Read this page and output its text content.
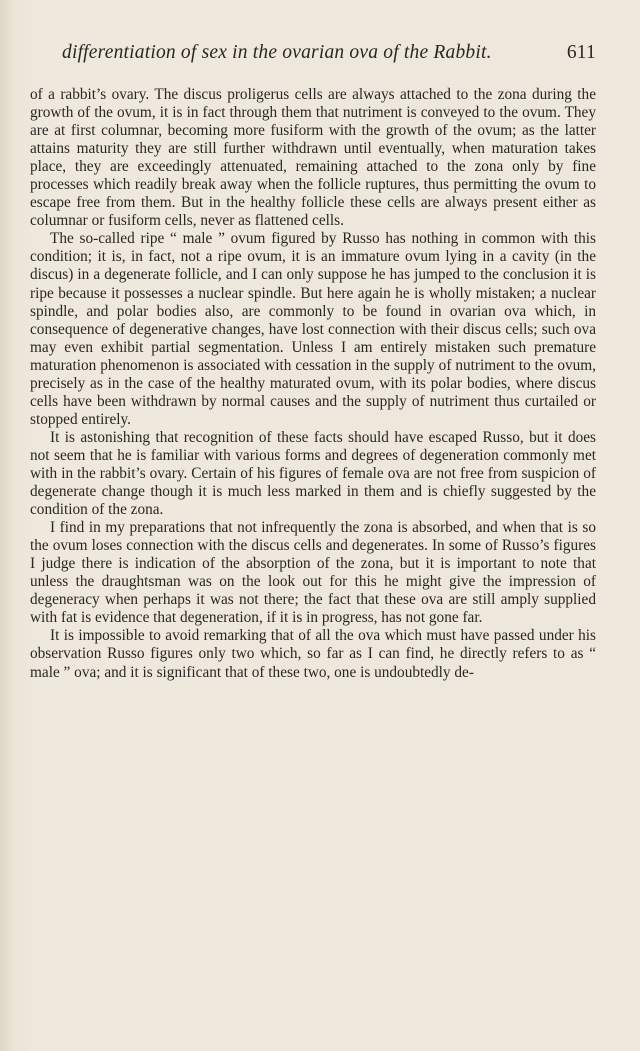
differentiation of sex in the ovarian ova of the Rabbit.	611

of a rabbit’s ovary. The discus proligerus cells are always attached to the zona during the growth of the ovum, it is in fact through them that nutriment is conveyed to the ovum. They are at first columnar, becoming more fusiform with the growth of the ovum; as the latter attains maturity they are still further withdrawn until eventually, when maturation takes place, they are exceedingly attenuated, remaining attached to the zona only by fine processes which readily break away when the follicle ruptures, thus permitting the ovum to escape free from them. But in the healthy follicle these cells are always present either as columnar or fusiform cells, never as flattened cells.

The so-called ripe “ male ” ovum figured by Russo has nothing in common with this condition; it is, in fact, not a ripe ovum, it is an immature ovum lying in a cavity (in the discus) in a degenerate follicle, and I can only suppose he has jumped to the conclusion it is ripe because it possesses a nuclear spindle. But here again he is wholly mistaken; a nuclear spindle, and polar bodies also, are commonly to be found in ovarian ova which, in consequence of degenerative changes, have lost connection with their discus cells; such ova may even exhibit partial segmentation. Unless I am entirely mistaken such premature maturation phenomenon is associated with cessation in the supply of nutriment to the ovum, precisely as in the case of the healthy maturated ovum, with its polar bodies, where discus cells have been withdrawn by normal causes and the supply of nutriment thus curtailed or stopped entirely.

It is astonishing that recognition of these facts should have escaped Russo, but it does not seem that he is familiar with various forms and degrees of degeneration commonly met with in the rabbit’s ovary. Certain of his figures of female ova are not free from suspicion of degenerate change though it is much less marked in them and is chiefly suggested by the condition of the zona.

I find in my preparations that not infrequently the zona is absorbed, and when that is so the ovum loses connection with the discus cells and degenerates. In some of Russo’s figures I judge there is indication of the absorption of the zona, but it is important to note that unless the draughtsman was on the look out for this he might give the impression of degeneracy when perhaps it was not there; the fact that these ova are still amply supplied with fat is evidence that degeneration, if it is in progress, has not gone far.

It is impossible to avoid remarking that of all the ova which must have passed under his observation Russo figures only two which, so far as I can find, he directly refers to as “ male ” ova; and it is significant that of these two, one is undoubtedly de-
